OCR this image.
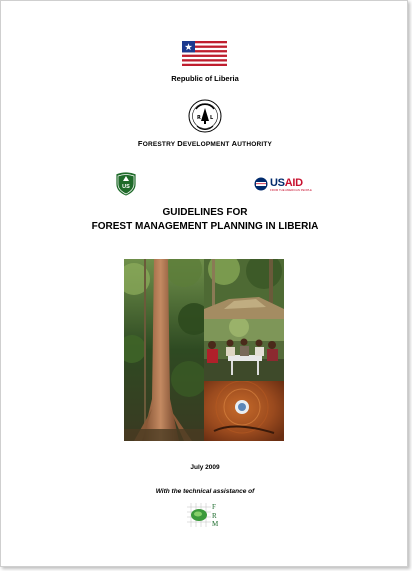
Republic of Liberia
R L
FORESTRY DEVELOPMENT AUTHORITY
US	USAID
FROM THE AMERICAN PEOPLE
GUIDELINES FOR
FOREST MANAGEMENT PLANNING IN LIBERIA
July 2009
With the technical assistance of
F
R
M
